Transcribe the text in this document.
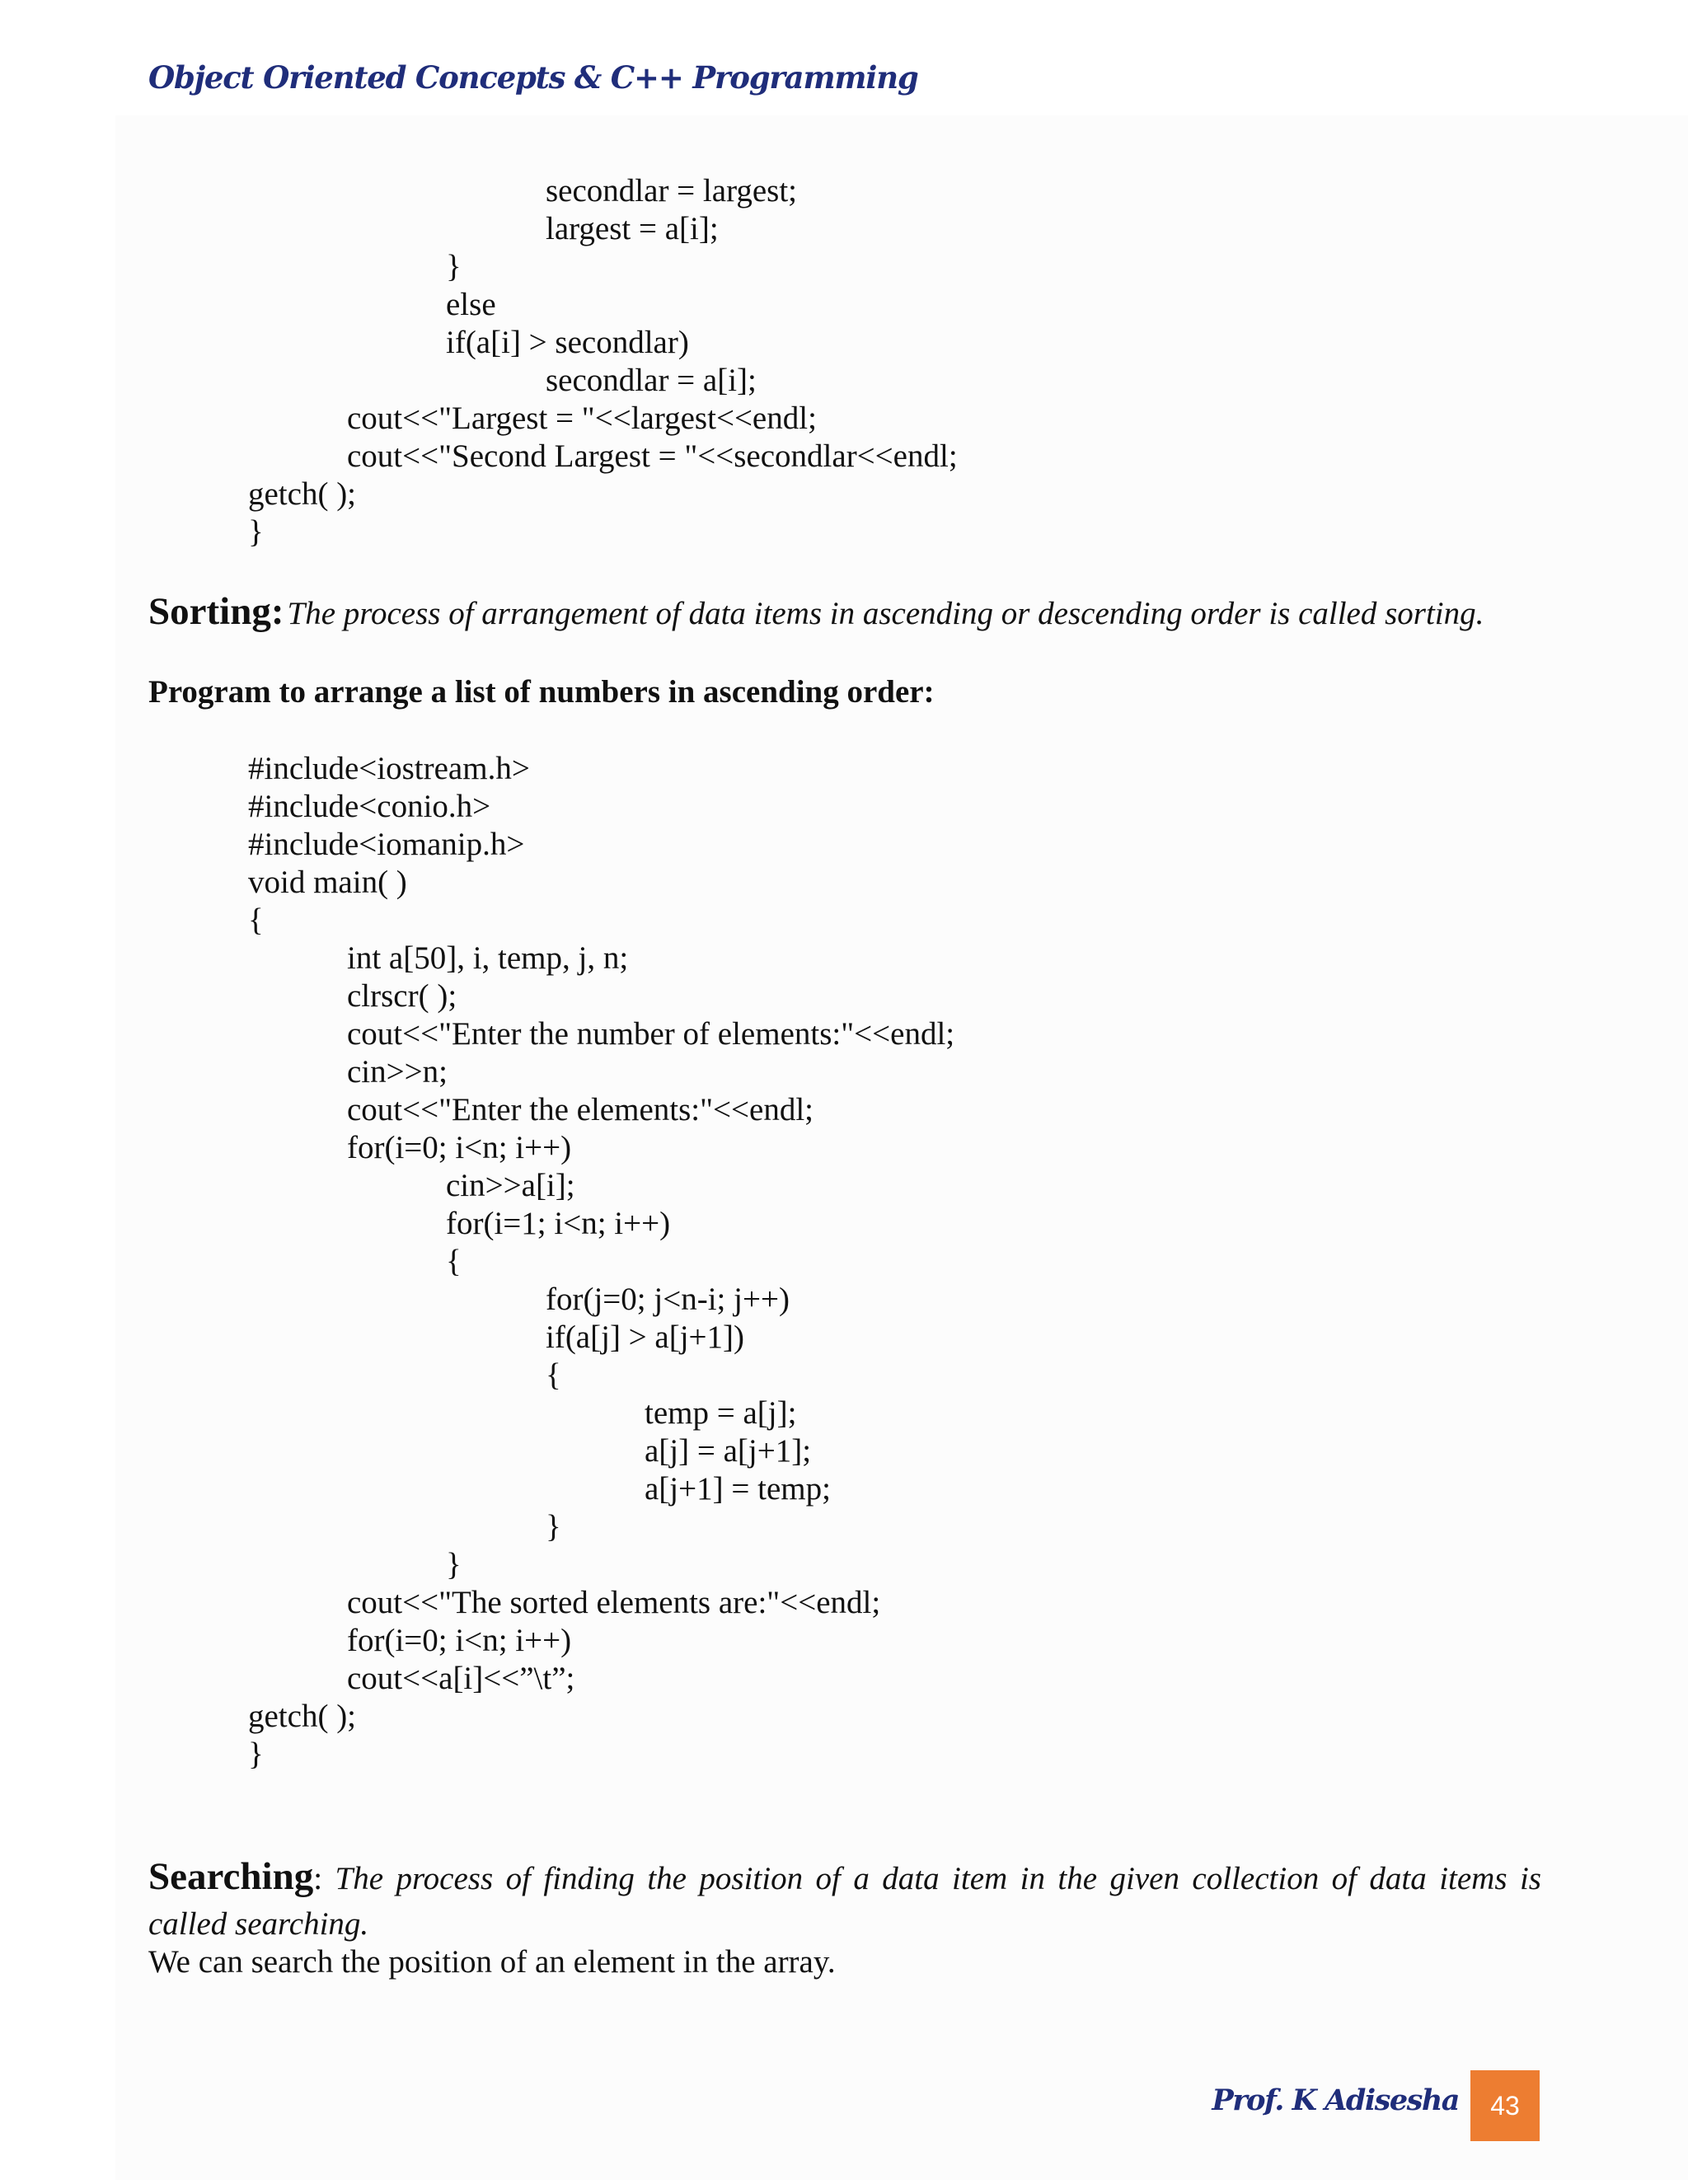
Object Oriented Concepts & C++ Programming
secondlar = largest;
largest = a[i];
}
else
if(a[i] > secondlar)
secondlar = a[i];
cout<<"Largest = "<<largest<<endl;
cout<<"Second Largest = "<<secondlar<<endl;
getch( );
}
Sorting: The process of arrangement of data items in ascending or descending order is called sorting.
Program to arrange a list of numbers in ascending order:
#include<iostream.h>
#include<conio.h>
#include<iomanip.h>
void main( )
{
int a[50], i, temp, j, n;
clrscr( );
cout<<"Enter the number of elements:"<<endl;
cin>>n;
cout<<"Enter the elements:"<<endl;
for(i=0; i<n; i++)
cin>>a[i];
for(i=1; i<n; i++)
{
for(j=0; j<n-i; j++)
if(a[j] > a[j+1])
{
temp = a[j];
a[j] = a[j+1];
a[j+1] = temp;
}
}
cout<<"The sorted elements are:"<<endl;
for(i=0; i<n; i++)
cout<<a[i]<<”\t”;
getch( );
}
Searching: The process of finding the position of a data item in the given collection of data items is called searching.
We can search the position of an element in the array.
Prof. K Adisesha	43
